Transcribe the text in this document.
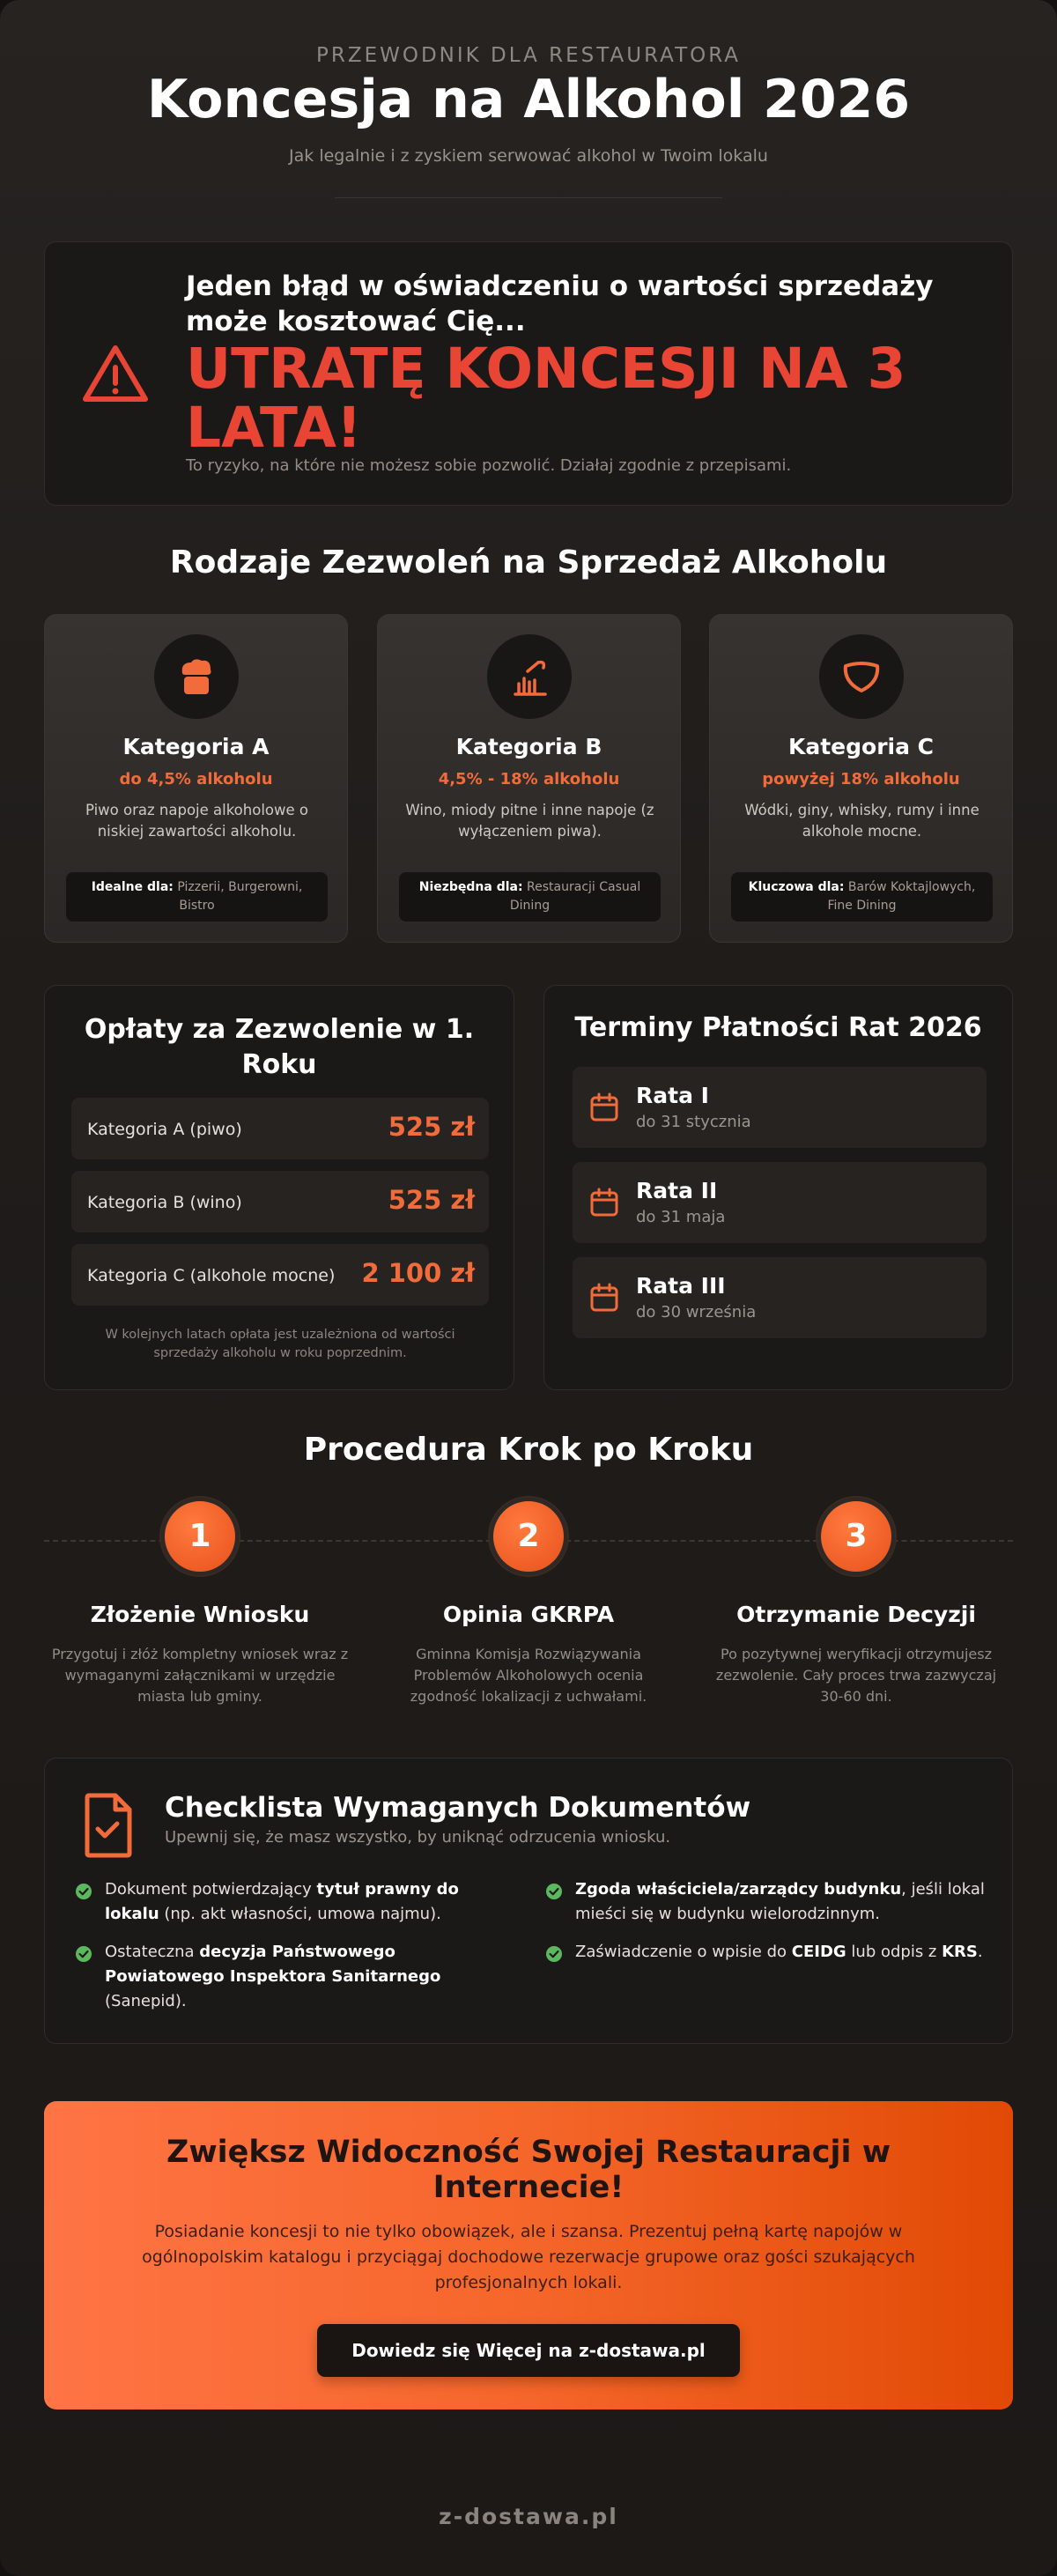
PRZEWODNIK DLA RESTAURATORA
Koncesja na Alkohol 2026
Jak legalnie i z zyskiem serwować alkohol w Twoim lokalu
Jeden błąd w oświadczeniu o wartości sprzedaży może kosztować Cię...
UTRATĘ KONCESJI NA 3 LATA!
To ryzyko, na które nie możesz sobie pozwolić. Działaj zgodnie z przepisami.
Rodzaje Zezwoleń na Sprzedaż Alkoholu
Kategoria A
do 4,5% alkoholu
Piwo oraz napoje alkoholowe o niskiej zawartości alkoholu.
Idealne dla: Pizzerii, Burgerowni, Bistro
Kategoria B
4,5% - 18% alkoholu
Wino, miody pitne i inne napoje (z wyłączeniem piwa).
Niezbędna dla: Restauracji Casual Dining
Kategoria C
powyżej 18% alkoholu
Wódki, giny, whisky, rumy i inne alkohole mocne.
Kluczowa dla: Barów Koktajlowych, Fine Dining
Opłaty za Zezwolenie w 1. Roku
Kategoria A (piwo)	525 zł
Kategoria B (wino)	525 zł
Kategoria C (alkohole mocne) 2 100 zł
W kolejnych latach opłata jest uzależniona od wartości sprzedaży alkoholu w roku poprzednim.
Terminy Płatności Rat 2026
Rata I
do 31 stycznia
Rata II
do 31 maja
Rata III
do 30 września
Procedura Krok po Kroku
1
Złożenie Wniosku
Przygotuj i złóż kompletny wniosek wraz z wymaganymi załącznikami w urzędzie miasta lub gminy.
2
Opinia GKRPA
Gminna Komisja Rozwiązywania Problemów Alkoholowych ocenia zgodność lokalizacji z uchwałami.
3
Otrzymanie Decyzji
Po pozytywnej weryfikacji otrzymujesz zezwolenie. Cały proces trwa zazwyczaj 30-60 dni.
Checklista Wymaganych Dokumentów
Upewnij się, że masz wszystko, by uniknąć odrzucenia wniosku.
Dokument potwierdzający tytuł prawny do lokalu (np. akt własności, umowa najmu).
Zgoda właściciela/zarządcy budynku, jeśli lokal mieści się w budynku wielorodzinnym.
Ostateczna decyzja Państwowego Powiatowego Inspektora Sanitarnego (Sanepid).
Zaświadczenie o wpisie do CEIDG lub odpis z KRS.
Zwiększ Widoczność Swojej Restauracji w Internecie!
Posiadanie koncesji to nie tylko obowiązek, ale i szansa. Prezentuj pełną kartę napojów w ogólnopolskim katalogu i przyciągaj dochodowe rezerwacje grupowe oraz gości szukających profesjonalnych lokali.
Dowiedz się Więcej na z-dostawa.pl
z-dostawa.pl
